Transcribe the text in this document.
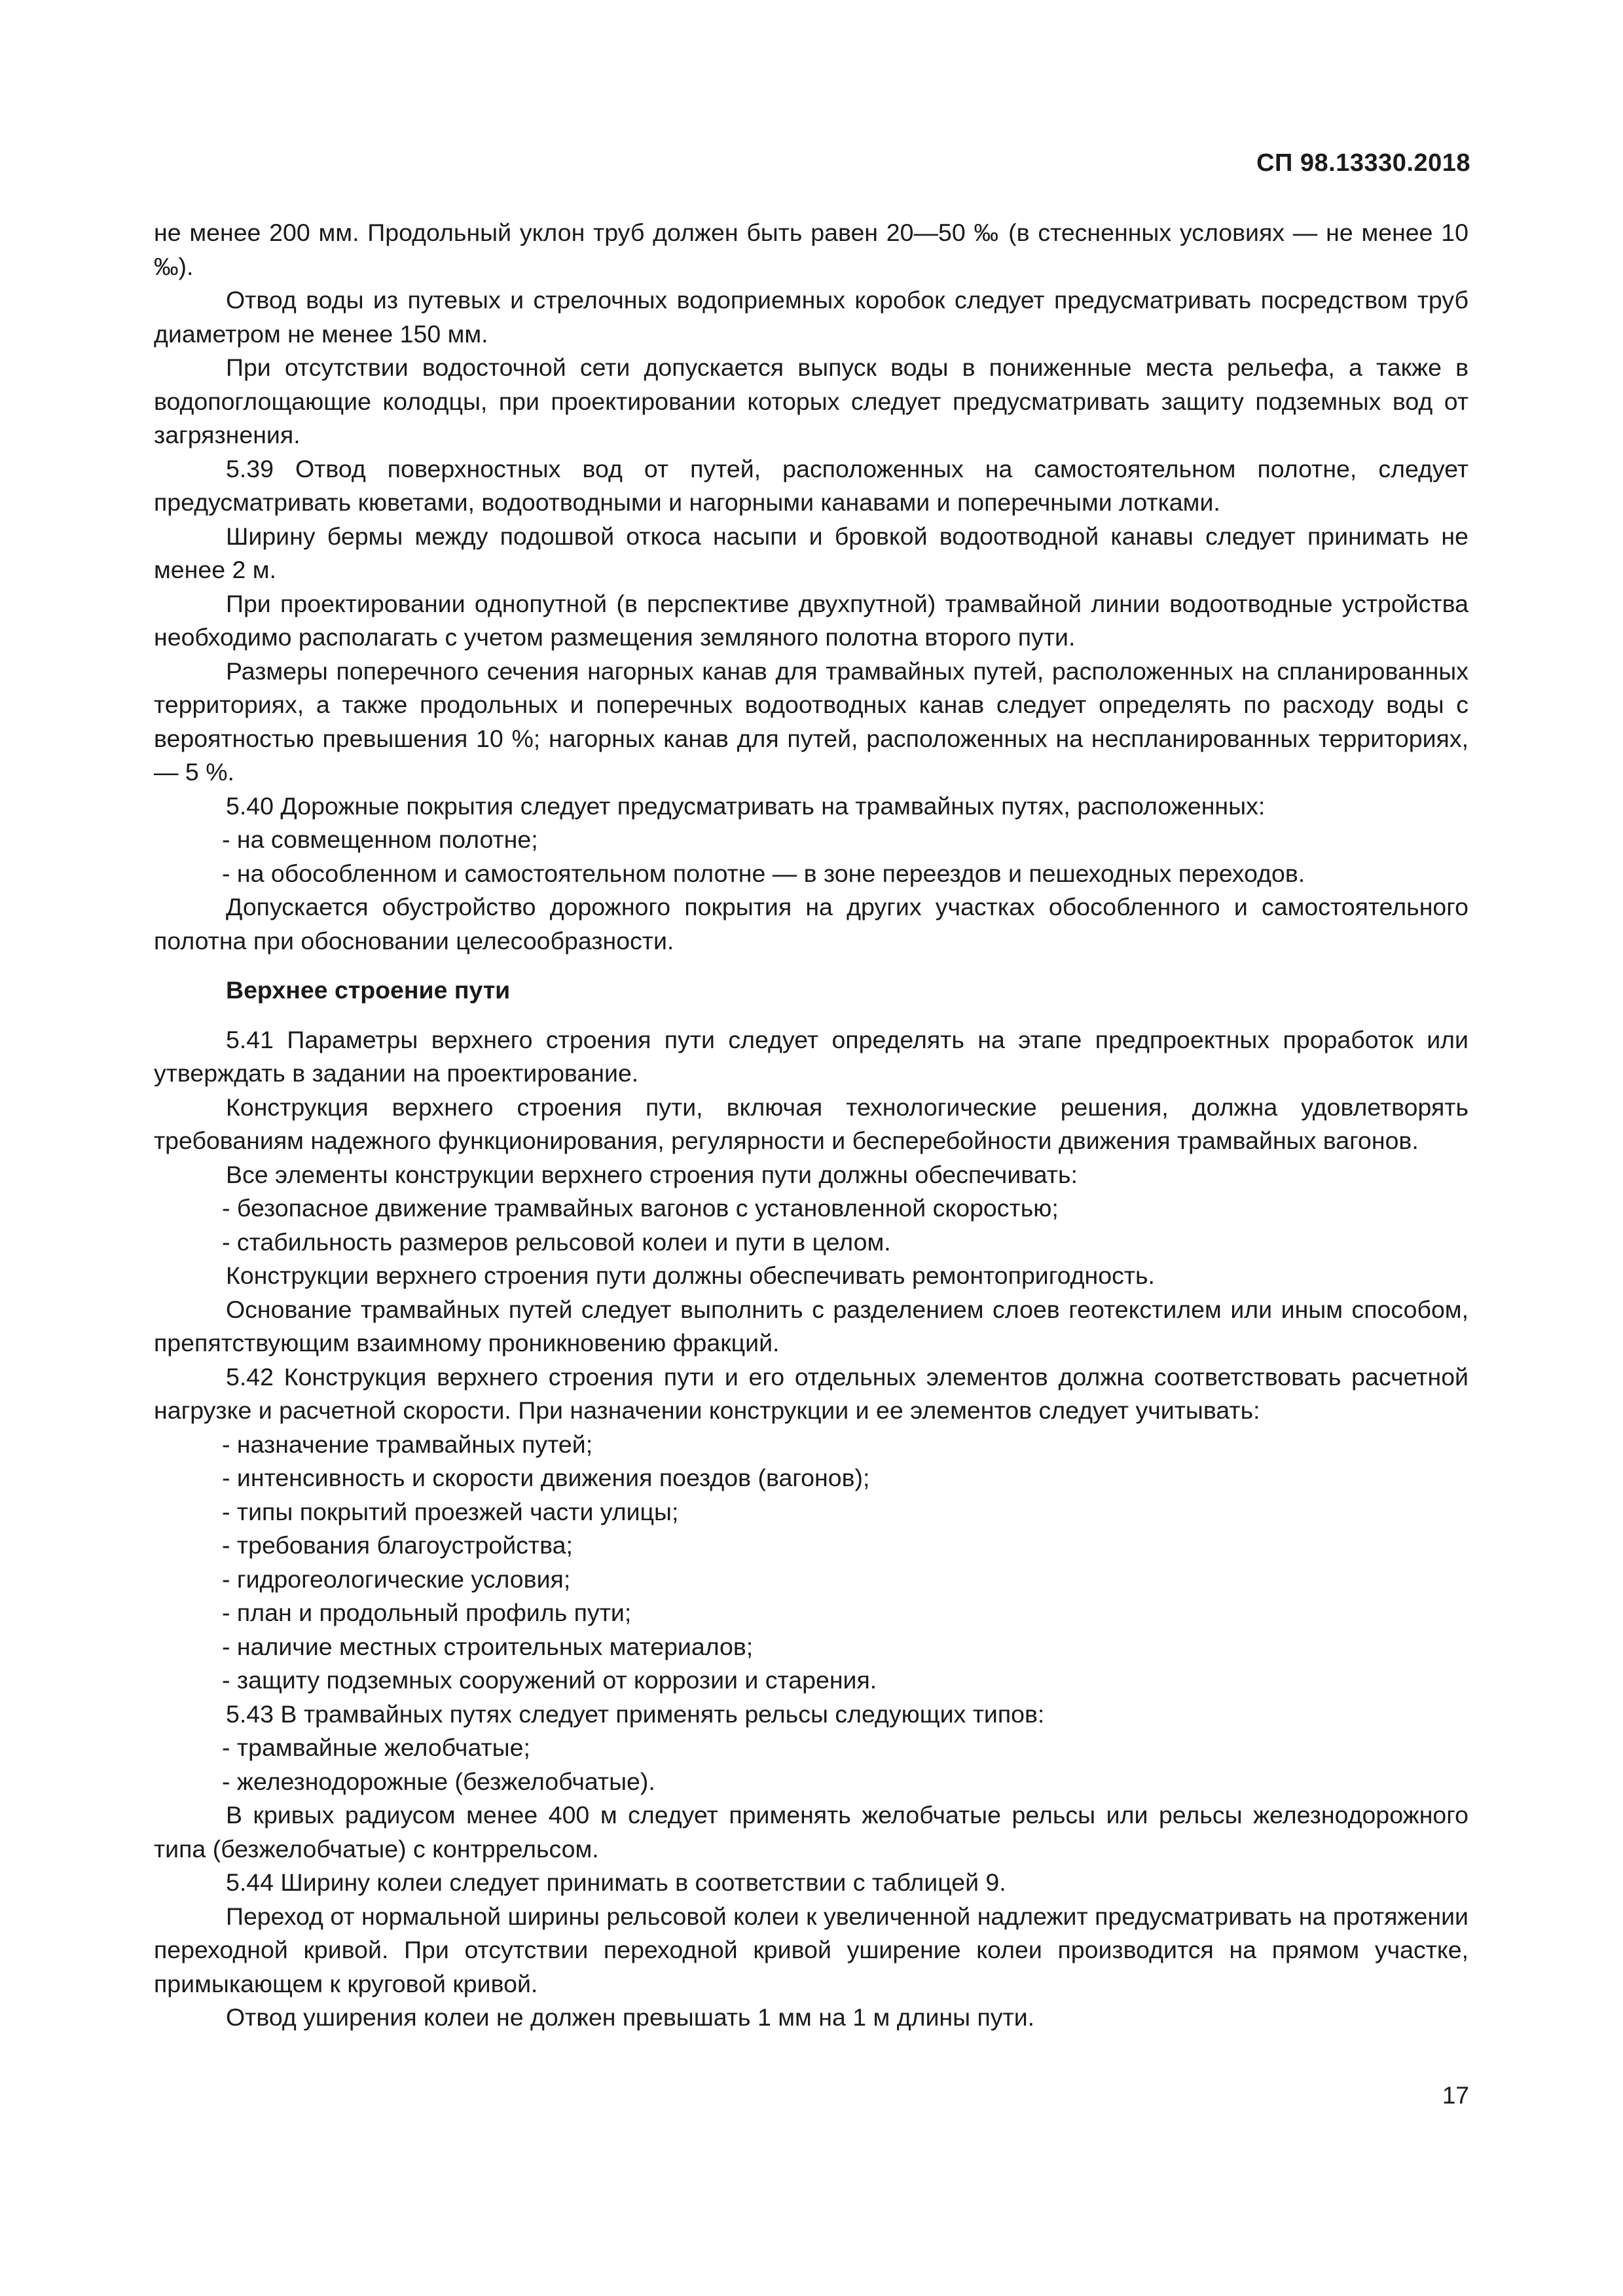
СП 98.13330.2018

не менее 200 мм. Продольный уклон труб должен быть равен 20—50 ‰ (в стесненных условиях — не менее 10 ‰).

Отвод воды из путевых и стрелочных водоприемных коробок следует предусматривать посредством труб диаметром не менее 150 мм.

При отсутствии водосточной сети допускается выпуск воды в пониженные места рельефа, а также в водопоглощающие колодцы, при проектировании которых следует предусматривать защиту подземных вод от загрязнения.

5.39 Отвод поверхностных вод от путей, расположенных на самостоятельном полотне, следует предусматривать кюветами, водоотводными и нагорными канавами и поперечными лотками.

Ширину бермы между подошвой откоса насыпи и бровкой водоотводной канавы следует принимать не менее 2 м.

При проектировании однопутной (в перспективе двухпутной) трамвайной линии водоотводные устройства необходимо располагать с учетом размещения земляного полотна второго пути.

Размеры поперечного сечения нагорных канав для трамвайных путей, расположенных на спланированных территориях, а также продольных и поперечных водоотводных канав следует определять по расходу воды с вероятностью превышения 10 %; нагорных канав для путей, расположенных на неспланированных территориях, — 5 %.

5.40 Дорожные покрытия следует предусматривать на трамвайных путях, расположенных:

- на совмещенном полотне;

- на обособленном и самостоятельном полотне — в зоне переездов и пешеходных переходов.

Допускается обустройство дорожного покрытия на других участках обособленного и самостоятельного полотна при обосновании целесообразности.

Верхнее строение пути

5.41 Параметры верхнего строения пути следует определять на этапе предпроектных проработок или утверждать в задании на проектирование.

Конструкция верхнего строения пути, включая технологические решения, должна удовлетворять требованиям надежного функционирования, регулярности и бесперебойности движения трамвайных вагонов.

Все элементы конструкции верхнего строения пути должны обеспечивать:

- безопасное движение трамвайных вагонов с установленной скоростью;

- стабильность размеров рельсовой колеи и пути в целом.

Конструкции верхнего строения пути должны обеспечивать ремонтопригодность.

Основание трамвайных путей следует выполнить с разделением слоев геотекстилем или иным способом, препятствующим взаимному проникновению фракций.

5.42 Конструкция верхнего строения пути и его отдельных элементов должна соответствовать расчетной нагрузке и расчетной скорости. При назначении конструкции и ее элементов следует учитывать:

- назначение трамвайных путей;

- интенсивность и скорости движения поездов (вагонов);

- типы покрытий проезжей части улицы;

- требования благоустройства;

- гидрогеологические условия;

- план и продольный профиль пути;

- наличие местных строительных материалов;

- защиту подземных сооружений от коррозии и старения.

5.43 В трамвайных путях следует применять рельсы следующих типов:

- трамвайные желобчатые;

- железнодорожные (безжелобчатые).

В кривых радиусом менее 400 м следует применять желобчатые рельсы или рельсы железнодорожного типа (безжелобчатые) с контррельсом.

5.44 Ширину колеи следует принимать в соответствии с таблицей 9.

Переход от нормальной ширины рельсовой колеи к увеличенной надлежит предусматривать на протяжении переходной кривой. При отсутствии переходной кривой уширение колеи производится на прямом участке, примыкающем к круговой кривой.

Отвод уширения колеи не должен превышать 1 мм на 1 м длины пути.

17
